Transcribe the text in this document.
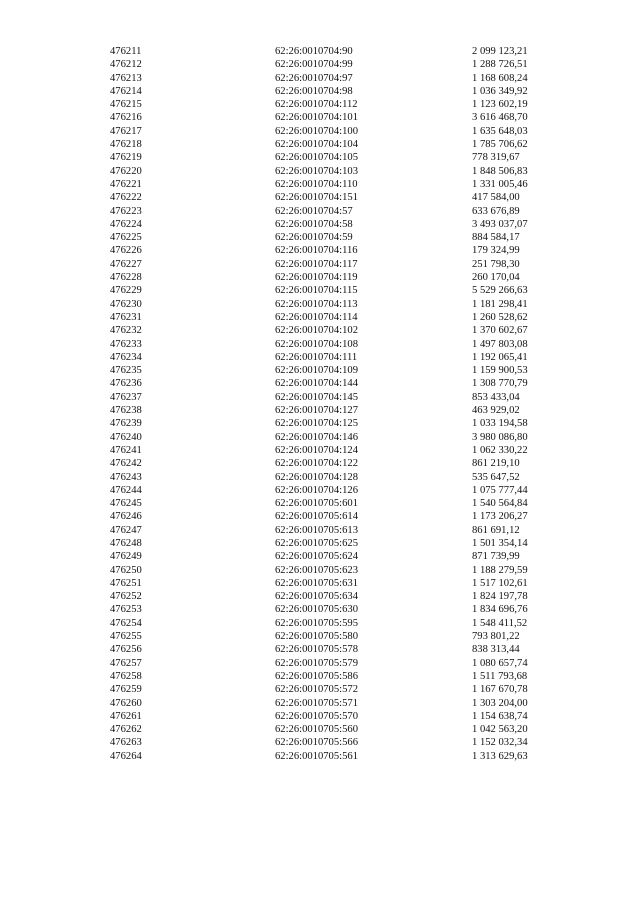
476211	62:26:0010704:90	2 099 123,21
476212	62:26:0010704:99	1 288 726,51
476213	62:26:0010704:97	1 168 608,24
476214	62:26:0010704:98	1 036 349,92
476215	62:26:0010704:112	1 123 602,19
476216	62:26:0010704:101	3 616 468,70
476217	62:26:0010704:100	1 635 648,03
476218	62:26:0010704:104	1 785 706,62
476219	62:26:0010704:105	778 319,67
476220	62:26:0010704:103	1 848 506,83
476221	62:26:0010704:110	1 331 005,46
476222	62:26:0010704:151	417 584,00
476223	62:26:0010704:57	633 676,89
476224	62:26:0010704:58	3 493 037,07
476225	62:26:0010704:59	884 584,17
476226	62:26:0010704:116	179 324,99
476227	62:26:0010704:117	251 798,30
476228	62:26:0010704:119	260 170,04
476229	62:26:0010704:115	5 529 266,63
476230	62:26:0010704:113	1 181 298,41
476231	62:26:0010704:114	1 260 528,62
476232	62:26:0010704:102	1 370 602,67
476233	62:26:0010704:108	1 497 803,08
476234	62:26:0010704:111	1 192 065,41
476235	62:26:0010704:109	1 159 900,53
476236	62:26:0010704:144	1 308 770,79
476237	62:26:0010704:145	853 433,04
476238	62:26:0010704:127	463 929,02
476239	62:26:0010704:125	1 033 194,58
476240	62:26:0010704:146	3 980 086,80
476241	62:26:0010704:124	1 062 330,22
476242	62:26:0010704:122	861 219,10
476243	62:26:0010704:128	535 647,52
476244	62:26:0010704:126	1 075 777,44
476245	62:26:0010705:601	1 540 564,84
476246	62:26:0010705:614	1 173 206,27
476247	62:26:0010705:613	861 691,12
476248	62:26:0010705:625	1 501 354,14
476249	62:26:0010705:624	871 739,99
476250	62:26:0010705:623	1 188 279,59
476251	62:26:0010705:631	1 517 102,61
476252	62:26:0010705:634	1 824 197,78
476253	62:26:0010705:630	1 834 696,76
476254	62:26:0010705:595	1 548 411,52
476255	62:26:0010705:580	793 801,22
476256	62:26:0010705:578	838 313,44
476257	62:26:0010705:579	1 080 657,74
476258	62:26:0010705:586	1 511 793,68
476259	62:26:0010705:572	1 167 670,78
476260	62:26:0010705:571	1 303 204,00
476261	62:26:0010705:570	1 154 638,74
476262	62:26:0010705:560	1 042 563,20
476263	62:26:0010705:566	1 152 032,34
476264	62:26:0010705:561	1 313 629,63
